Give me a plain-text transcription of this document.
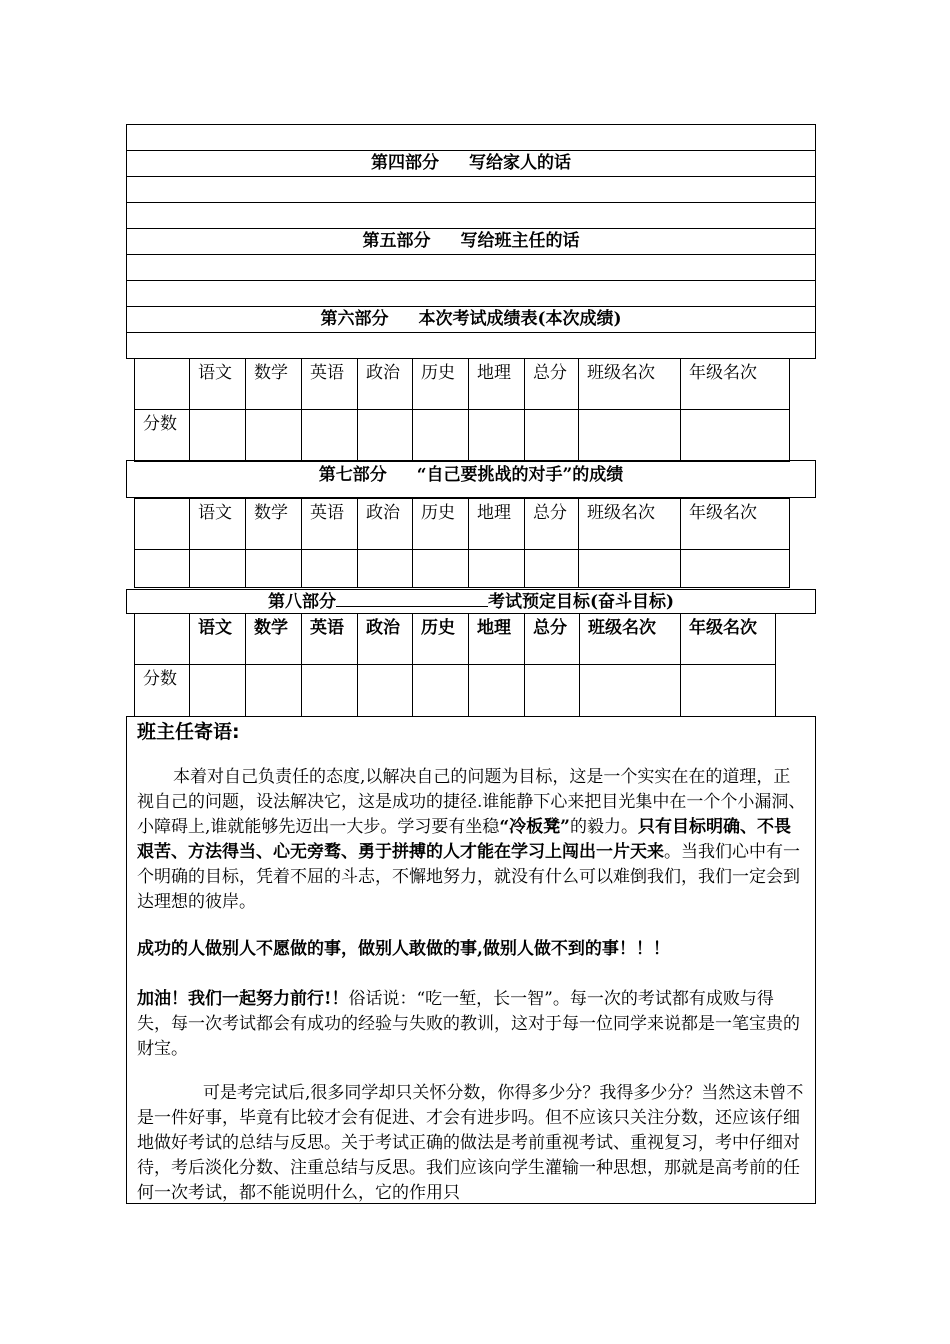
第四部分 写给家人的话
第五部分 写给班主任的话
第六部分 本次考试成绩表(本次成绩)
	语文	数学	英语	政治	历史	地理	总分	班级名次	年级名次
分数									
第七部分 “自己要挑战的对手”的成绩
	语文	数学	英语	政治	历史	地理	总分	班级名次	年级名次

第八部分	考试预定目标(奋斗目标)
	语文	数学	英语	政治	历史	地理	总分	班级名次	年级名次
分数									
班主任寄语:

本着对自己负责任的态度,以解决自己的问题为目标，这是一个实实在在的道理，正视自己的问题，设法解决它，这是成功的捷径.谁能静下心来把目光集中在一个个小漏洞、小障碍上,谁就能够先迈出一大步。学习要有坐稳“冷板凳”的毅力。只有目标明确、不畏艰苦、方法得当、心无旁骛、勇于拼搏的人才能在学习上闯出一片天来。当我们心中有一个明确的目标，凭着不屈的斗志，不懈地努力，就没有什么可以难倒我们，我们一定会到达理想的彼岸。

成功的人做别人不愿做的事，做别人敢做的事,做别人做不到的事！！！

加油！我们一起努力前行!！俗话说：“吃一堑，长一智”。每一次的考试都有成败与得失，每一次考试都会有成功的经验与失败的教训，这对于每一位同学来说都是一笔宝贵的财宝。

可是考完试后,很多同学却只关怀分数，你得多少分？我得多少分？当然这未曾不是一件好事，毕竟有比较才会有促进、才会有进步吗。但不应该只关注分数，还应该仔细地做好考试的总结与反思。关于考试正确的做法是考前重视考试、重视复习，考中仔细对待，考后淡化分数、注重总结与反思。我们应该向学生灌输一种思想，那就是高考前的任何一次考试，都不能说明什么，它的作用只
